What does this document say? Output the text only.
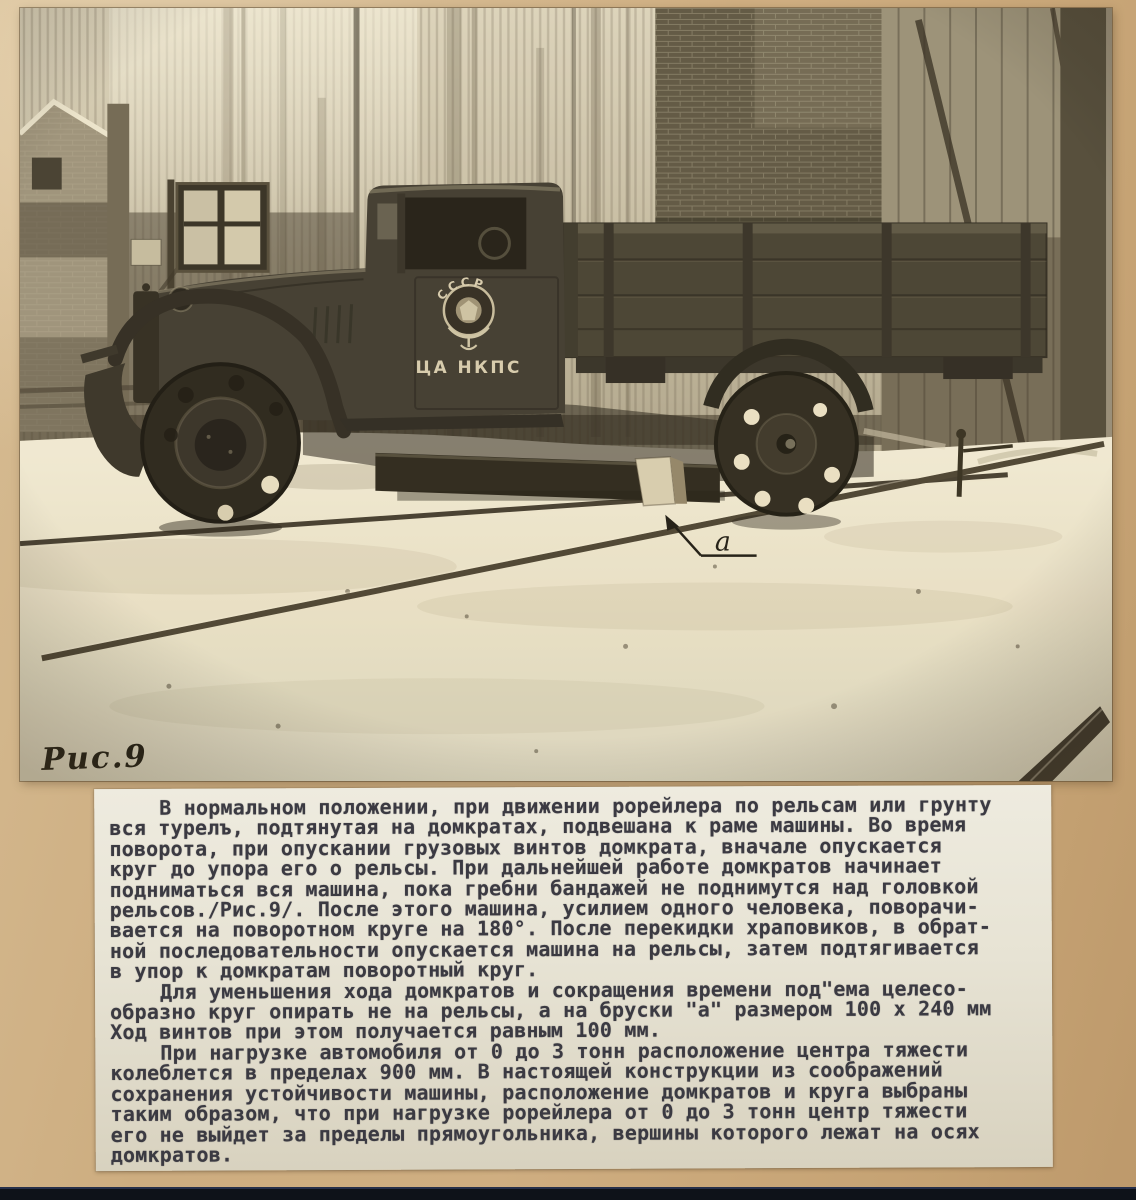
В нормальном положении, при движении рорейлера по рельсам или грунту
вся турелъ, подтянутая на домкратах, подвешана к раме машины. Во время
поворота, при опускании грузовых винтов домкрата, вначале опускается
круг до упора его о рельсы. При дальнейшей работе домкратов начинает
подниматься вся машина, пока гребни бандажей не поднимутся над головкой
рельсов./Рис.9/. После этого машина, усилием одного человека, поворачи-
вается на поворотном круге на 180°. После перекидки храповиков, в обрат-
ной последовательности опускается машина на рельсы, затем подтягивается
в упор к домкратам поворотный круг.
Для уменьшения хода домкратов и сокращения времени под"ема целесо-
образно круг опирать не на рельсы, а на бруски "а" размером 100 х 240 мм
Ход винтов при этом получается равным 100 мм.
При нагрузке автомобиля от 0 до 3 тонн расположение центра тяжести
колеблется в пределах 900 мм. В настоящей конструкции из соображений
сохранения устойчивости машины, расположение домкратов и круга выбраны
таким образом, что при нагрузке рорейлера от 0 до 3 тонн центр тяжести
его не выйдет за пределы прямоугольника, вершины которого лежат на осях
домкратов.
